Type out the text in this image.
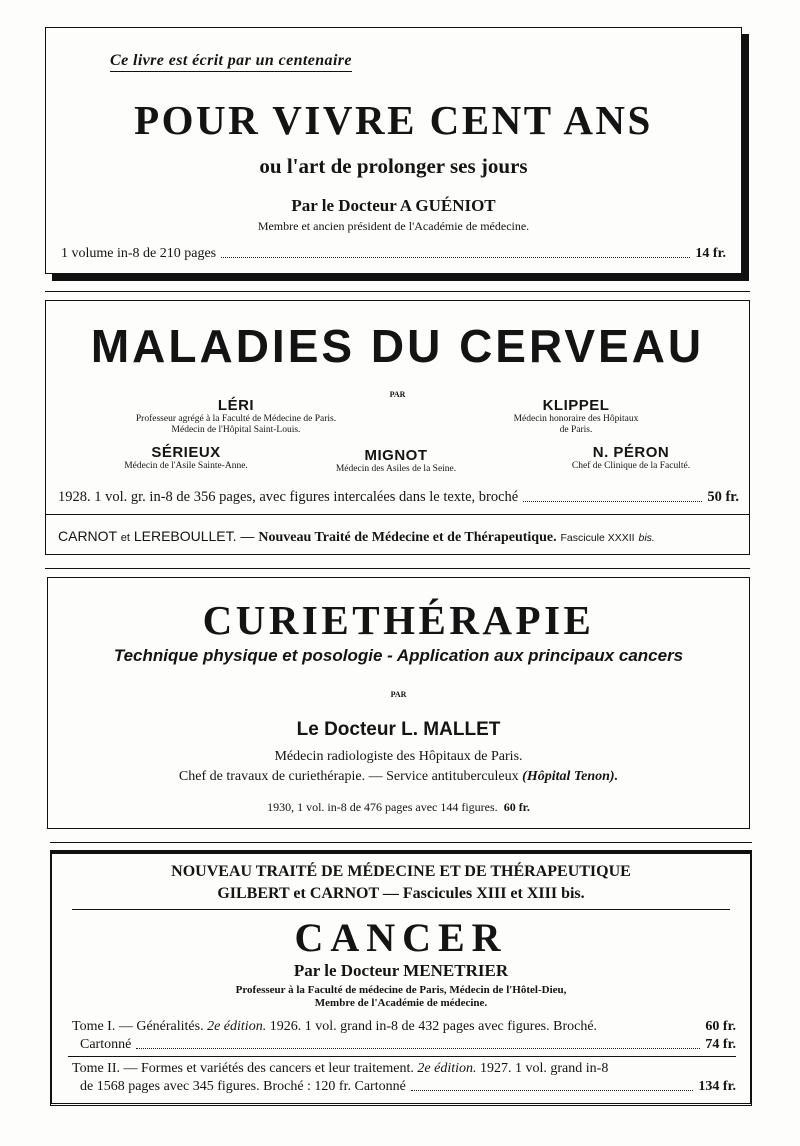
Ce livre est écrit par un centenaire
POUR VIVRE CENT ANS
ou l'art de prolonger ses jours
Par le Docteur A GUÉNIOT
Membre et ancien président de l'Académie de médecine.
1 volume in-8 de 210 pages	14 fr.
MALADIES DU CERVEAU
PAR
LÉRI
Professeur agrégé à la Faculté de Médecine de Paris.
Médecin de l'Hôpital Saint-Louis.
KLIPPEL
Médecin honoraire des Hôpitaux
de Paris.
SÉRIEUX
Médecin de l'Asile Sainte-Anne.
MIGNOT
Médecin des Asiles de la Seine.
N. PÉRON
Chef de Clinique de la Faculté.
1928. 1 vol. gr. in-8 de 356 pages, avec figures intercalées dans le texte, broché	50 fr.
CARNOT et LEREBOULLET. — Nouveau Traité de Médecine et de Thérapeutique. Fascicule XXXII bis.
CURIETHÉRAPIE
Technique physique et posologie - Application aux principaux cancers
PAR
Le Docteur L. MALLET
Médecin radiologiste des Hôpitaux de Paris.
Chef de travaux de curiethérapie. — Service antituberculeux (Hôpital Tenon).
1930, 1 vol. in-8 de 476 pages avec 144 figures. 60 fr.
NOUVEAU TRAITÉ DE MÉDECINE ET DE THÉRAPEUTIQUE
GILBERT et CARNOT — Fascicules XIII et XIII bis.
CANCER
Par le Docteur MENETRIER
Professeur à la Faculté de médecine de Paris, Médecin de l'Hôtel-Dieu,
Membre de l'Académie de médecine.
Tome I. — Généralités.
2e édition.
1926. 1 vol. grand in-8 de 432 pages avec figures. Broché.	60 fr.
Cartonné	74 fr.
Tome II. — Formes et variétés des cancers et leur traitement.
2e édition.
1927. 1 vol. grand in-8
de 1568 pages avec 345 figures. Broché : 120 fr. Cartonné	134 fr.
